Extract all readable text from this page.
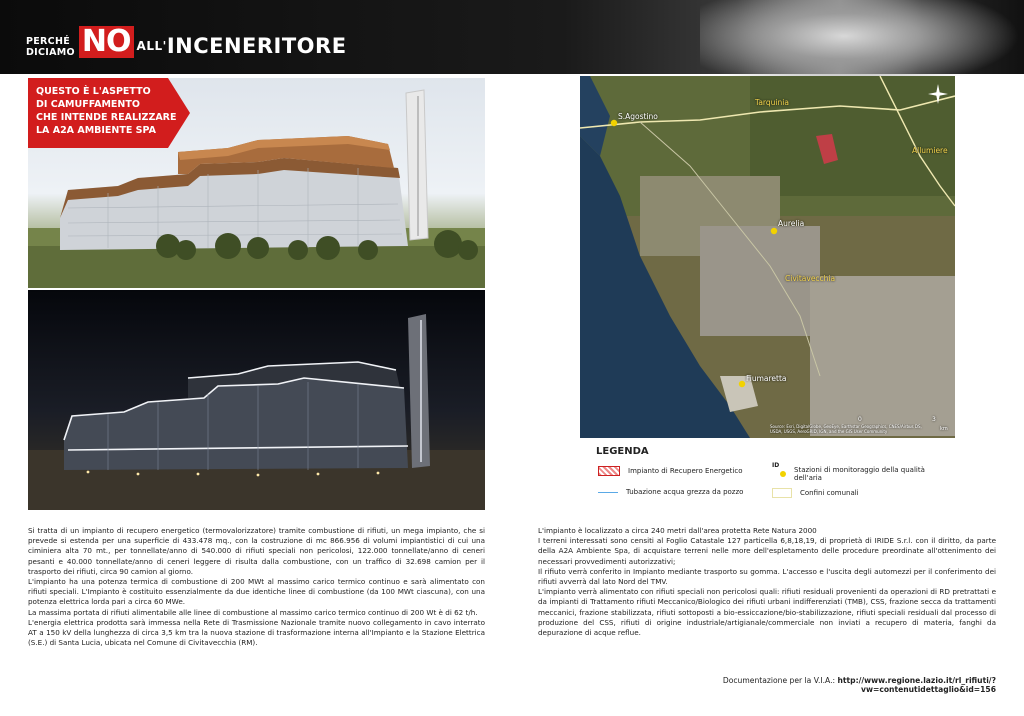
PERCHÉ
DICIAMO NO $^{ALL'}$INCENERITORE
QUESTO È L'ASPETTO
DI CAMUFFAMENTO
CHE INTENDE REALIZZARE
LA A2A AMBIENTE SPA
S.Agostino
Tarquinia
Allumiere
Aurelia
Civitavecchia
Fiumaretta
0	3
km
Source: Esri, DigitalGlobe, GeoEye, Earthstar Geographics, CNES/Airbus DS, USDA, USGS, AeroGRID, IGN, and the GIS User Community
LEGENDA
Impianto di Recupero Energetico
ID
Stazioni di monitoraggio della qualità dell'aria
Tubazione acqua grezza da pozzo	Confini comunali

Si tratta di un impianto di recupero energetico (termovalorizzatore) tramite combustione di rifiuti, un mega impianto, che si prevede si estenda per una superficie di 433.478 mq., con la costruzione di mc 866.956 di volumi impiantistici di cui una ciminiera alta 70 mt., per tonnellate/anno di 540.000 di rifiuti speciali non pericolosi, 122.000 tonnellate/anno di ceneri pesanti e 40.000 tonnellate/anno di ceneri leggere di risulta dalla combustione, con un traffico di 32.698 camion per il trasporto dei rifiuti, circa 90 camion al giorno.

L'impianto ha una potenza termica di combustione di 200 MWt al massimo carico termico continuo e sarà alimentato con rifiuti speciali. L'Impianto è costituito essenzialmente da due identiche linee di combustione (da 100 MWt ciascuna), con una potenza elettrica lorda pari a circa 60 MWe.

La massima portata di rifiuti alimentabile alle linee di combustione al massimo carico termico continuo di 200 Wt è di 62 t/h.

L'energia elettrica prodotta sarà immessa nella Rete di Trasmissione Nazionale tramite nuovo collegamento in cavo interrato AT a 150 kV della lunghezza di circa 3,5 km tra la nuova stazione di trasformazione interna all'Impianto e la Stazione Elettrica (S.E.) di Santa Lucia, ubicata nel Comune di Civitavecchia (RM).

L'impianto è localizzato a circa 240 metri dall'area protetta Rete Natura 2000

I terreni interessati sono censiti al Foglio Catastale 127 particella 6,8,18,19, di proprietà di IRIDE S.r.l. con il diritto, da parte della A2A Ambiente Spa, di acquistare terreni nelle more dell'espletamento delle procedure preordinate all'ottenimento dei necessari provvedimenti autorizzativi;

Il rifiuto verrà conferito in Impianto mediante trasporto su gomma. L'accesso e l'uscita degli automezzi per il conferimento dei rifiuti avverrà dal lato Nord del TMV.

L'impianto verrà alimentato con rifiuti speciali non pericolosi quali: rifiuti residuali provenienti da operazioni di RD pretrattati e da impianti di Trattamento rifiuti Meccanico/Biologico dei rifiuti urbani indifferenziati (TMB), CSS, frazione secca da trattamenti meccanici, frazione stabilizzata, rifiuti sottoposti a bio-essiccazione/bio-stabilizzazione, rifiuti speciali residuali dal processo di produzione del CSS, rifiuti di origine industriale/artigianale/commerciale non inviati a recupero di materia, fanghi da depurazione di acque reflue.

Documentazione per la V.I.A.: http://www.regione.lazio.it/rl_rifiuti/?vw=contenutidettaglio&id=156
